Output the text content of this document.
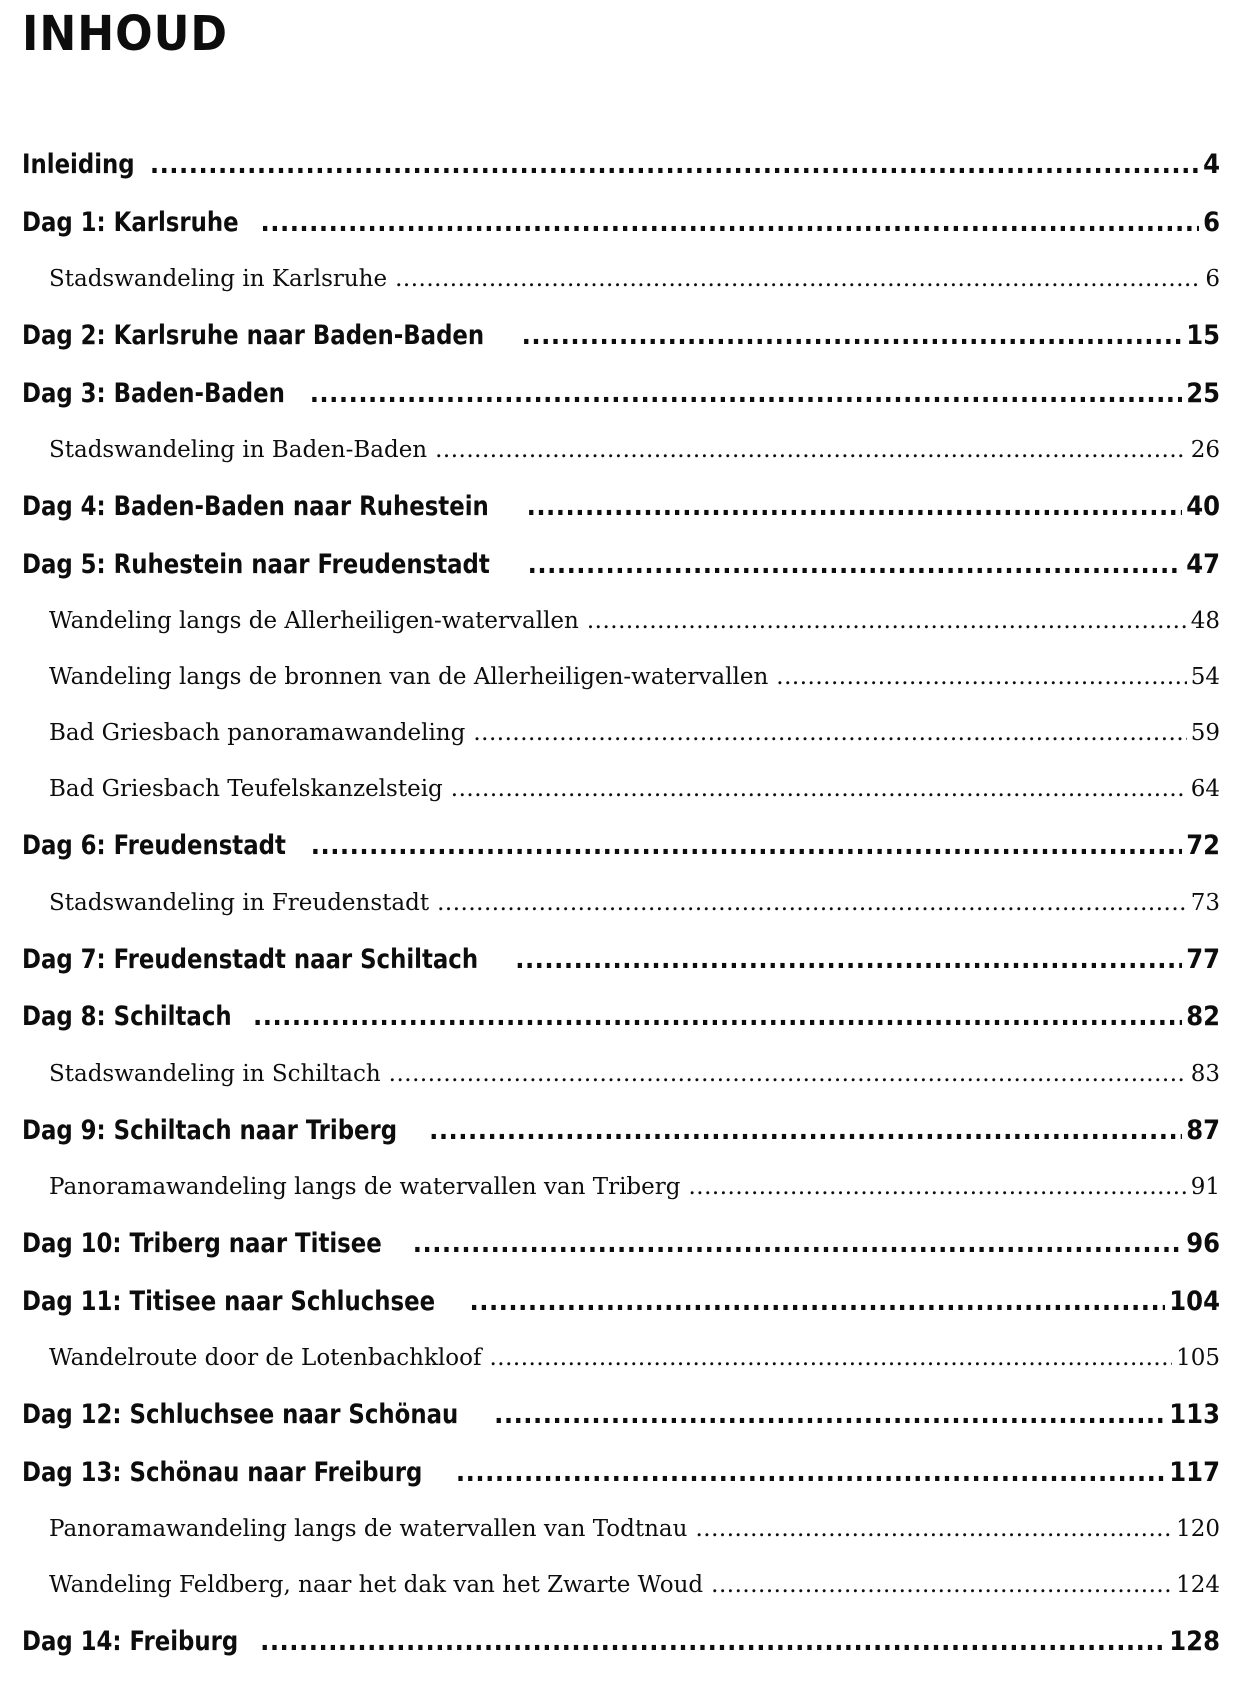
INHOUD
Inleiding .....	4
Dag 1: Karlsruhe .....	6
Stadswandeling in Karlsruhe .....	6
Dag 2: Karlsruhe naar Baden-Baden .....	15
Dag 3: Baden-Baden .....	25
Stadswandeling in Baden-Baden .....	26
Dag 4: Baden-Baden naar Ruhestein .....	40
Dag 5: Ruhestein naar Freudenstadt .....	47
Wandeling langs de Allerheiligen-watervallen .....	48
Wandeling langs de bronnen van de Allerheiligen-watervallen .....	54
Bad Griesbach panoramawandeling .....	59
Bad Griesbach Teufelskanzelsteig .....	64
Dag 6: Freudenstadt .....	72
Stadswandeling in Freudenstadt .....	73
Dag 7: Freudenstadt naar Schiltach .....	77
Dag 8: Schiltach .....	82
Stadswandeling in Schiltach .....	83
Dag 9: Schiltach naar Triberg .....	87
Panoramawandeling langs de watervallen van Triberg .....	91
Dag 10: Triberg naar Titisee .....	96
Dag 11: Titisee naar Schluchsee .....	104
Wandelroute door de Lotenbachkloof .....	105
Dag 12: Schluchsee naar Schönau .....	113
Dag 13: Schönau naar Freiburg .....	117
Panoramawandeling langs de watervallen van Todtnau .....	120
Wandeling Feldberg, naar het dak van het Zwarte Woud .....	124
Dag 14: Freiburg .....	128
